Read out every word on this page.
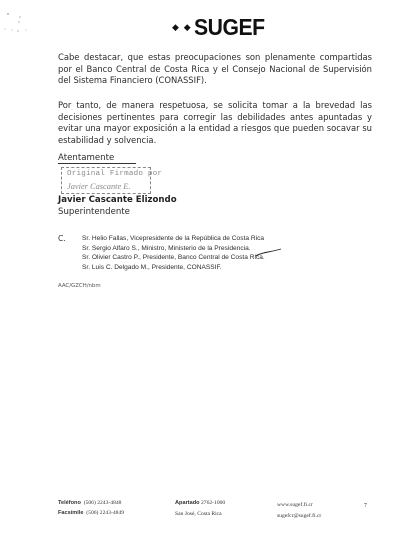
◆ ◆ SUGEF

Cabe destacar, que estas preocupaciones son plenamente compartidas por el Banco Central de Costa Rica y el Consejo Nacional de Supervisión del Sistema Financiero (CONASSIF).

Por tanto, de manera respetuosa, se solicita tomar a la brevedad las decisiones pertinentes para corregir las debilidades antes apuntadas y evitar una mayor exposición a la entidad a riesgos que pueden socavar su estabilidad y solvencia.

Atentamente
Original Firmado por
Javier Cascante E.
Javier Cascante Elizondo
Superintendente
C. Sr. Helio Fallas, Vicepresidente de la República de Costa Rica
Sr. Sergio Alfaro S., Ministro, Ministerio de la Presidencia.
Sr. Olivier Castro P., Presidente, Banco Central de Costa Rica.
Sr. Luis C. Delgado M., Presidente, CONASSIF.
AAC/GZCH/nbm
Teléfono (506) 2243-4848
Facsímile (506) 2243-4849
Apartado 2762-1000
San José, Costa Rica
www.sugef.fi.cr
sugefcr@sugef.fi.cr
7
